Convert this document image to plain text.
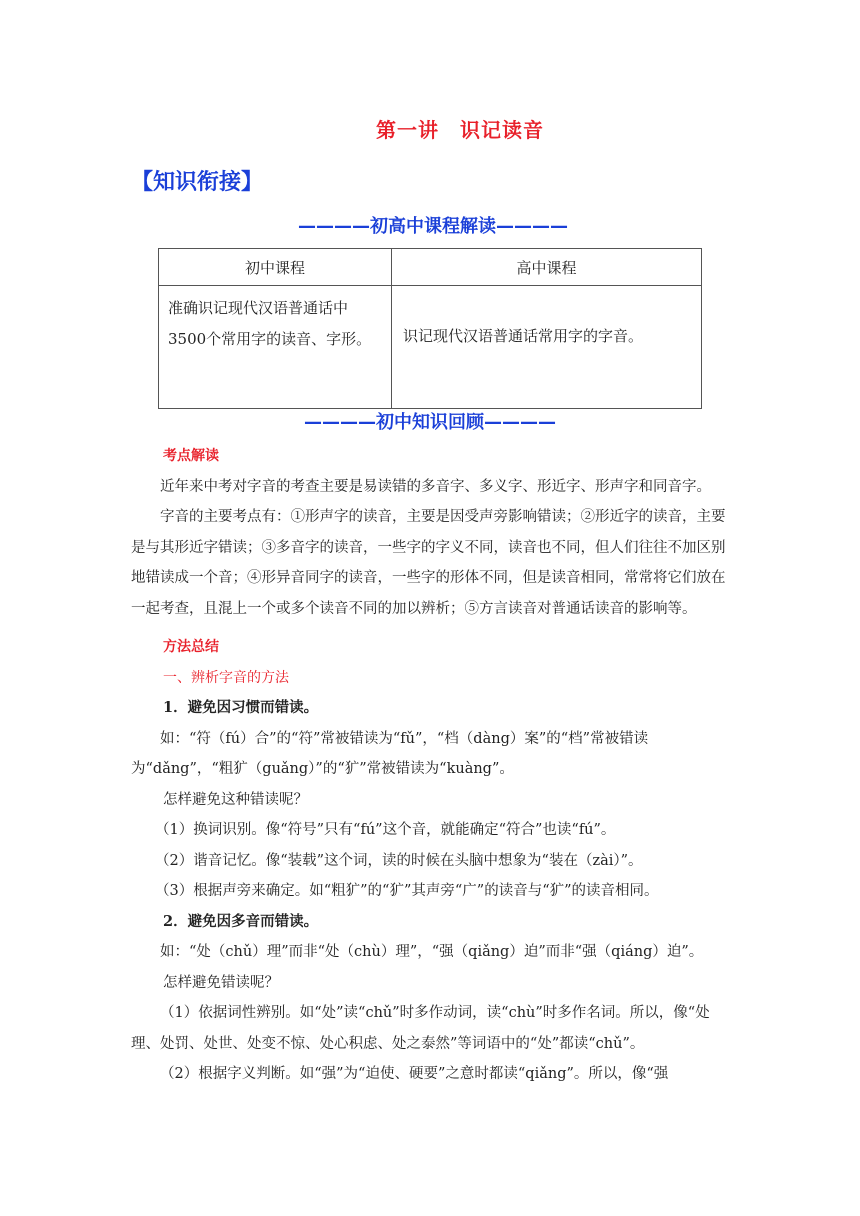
第一讲　识记读音
【知识衔接】
————初高中课程解读————
初中课程	高中课程

准确识记现代汉语普通话中3500个常用字的读音、字形。	识记现代汉语普通话常用字的字音。
————初中知识回顾————

考点解读

近年来中考对字音的考查主要是易读错的多音字、多义字、形近字、形声字和同音字。

字音的主要考点有：①形声字的读音，主要是因受声旁影响错读；②形近字的读音，主要是与其形近字错读；③多音字的读音，一些字的字义不同，读音也不同，但人们往往不加区别地错读成一个音；④形异音同字的读音，一些字的形体不同，但是读音相同，常常将它们放在一起考查，且混上一个或多个读音不同的加以辨析；⑤方言读音对普通话读音的影响等。

方法总结

一、辨析字音的方法

1．避免因习惯而错读。

如：“符（fú）合”的“符”常被错读为“fǔ”，“档（dàng）案”的“档”常被错读为“dǎng”，“粗犷（guǎng）”的“犷”常被错读为“kuàng”。

怎样避免这种错读呢？

（1）换词识别。像“符号”只有“fú”这个音，就能确定“符合”也读“fú”。

（2）谐音记忆。像“装载”这个词，读的时候在头脑中想象为“装在（zài）”。

（3）根据声旁来确定。如“粗犷”的“犷”其声旁“广”的读音与“犷”的读音相同。

2．避免因多音而错读。

如：“处（chǔ）理”而非“处（chù）理”，“强（qiǎng）迫”而非“强（qiáng）迫”。

怎样避免错读呢？

（1）依据词性辨别。如“处”读“chǔ”时多作动词，读“chù”时多作名词。所以，像“处理、处罚、处世、处变不惊、处心积虑、处之泰然”等词语中的“处”都读“chǔ”。

（2）根据字义判断。如“强”为“迫使、硬要”之意时都读“qiǎng”。所以，像“强
